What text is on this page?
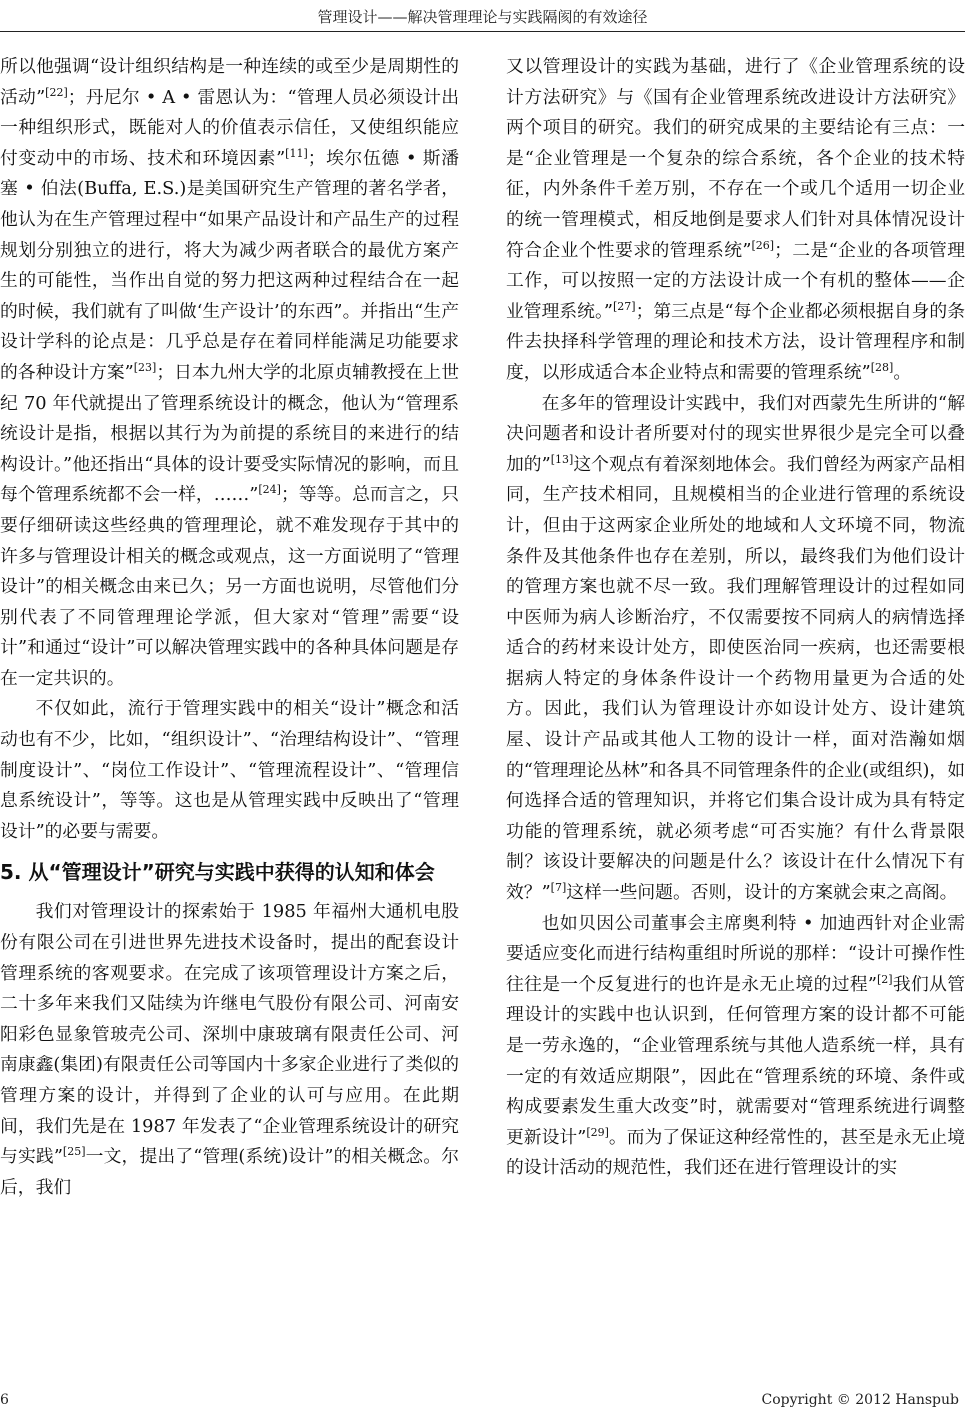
管理设计——解决管理理论与实践隔阂的有效途径

所以他强调“设计组织结构是一种连续的或至少是周期性的活动”[22]；丹尼尔 • A • 雷恩认为：“管理人员必须设计出一种组织形式，既能对人的价值表示信任，又使组织能应付变动中的市场、技术和环境因素”[11]；埃尔伍德 • 斯潘塞 • 伯法(Buffa, E.S.)是美国研究生产管理的著名学者，他认为在生产管理过程中“如果产品设计和产品生产的过程规划分别独立的进行，将大为减少两者联合的最优方案产生的可能性，当作出自觉的努力把这两种过程结合在一起的时候，我们就有了叫做‘生产设计’的东西”。并指出“生产设计学科的论点是：几乎总是存在着同样能满足功能要求的各种设计方案”[23]；日本九州大学的北原贞辅教授在上世纪 70 年代就提出了管理系统设计的概念，他认为“管理系统设计是指，根据以其行为为前提的系统目的来进行的结构设计。”他还指出“具体的设计要受实际情况的影响，而且每个管理系统都不会一样，……”[24]；等等。总而言之，只要仔细研读这些经典的管理理论，就不难发现存于其中的许多与管理设计相关的概念或观点，这一方面说明了“管理设计”的相关概念由来已久；另一方面也说明，尽管他们分别代表了不同管理理论学派，但大家对“管理”需要“设计”和通过“设计”可以解决管理实践中的各种具体问题是存在一定共识的。

不仅如此，流行于管理实践中的相关“设计”概念和活动也有不少，比如，“组织设计”、“治理结构设计”、“管理制度设计”、“岗位工作设计”、“管理流程设计”、“管理信息系统设计”，等等。这也是从管理实践中反映出了“管理设计”的必要与需要。

5. 从“管理设计”研究与实践中获得的认知和体会

我们对管理设计的探索始于 1985 年福州大通机电股份有限公司在引进世界先进技术设备时，提出的配套设计管理系统的客观要求。在完成了该项管理设计方案之后，二十多年来我们又陆续为许继电气股份有限公司、河南安阳彩色显象管玻壳公司、深圳中康玻璃有限责任公司、河南康鑫(集团)有限责任公司等国内十多家企业进行了类似的管理方案的设计，并得到了企业的认可与应用。在此期间，我们先是在 1987 年发表了“企业管理系统设计的研究与实践”[25]一文，提出了“管理(系统)设计”的相关概念。尔后，我们

又以管理设计的实践为基础，进行了《企业管理系统的设计方法研究》与《国有企业管理系统改进设计方法研究》两个项目的研究。我们的研究成果的主要结论有三点：一是“企业管理是一个复杂的综合系统，各个企业的技术特征，内外条件千差万别，不存在一个或几个适用一切企业的统一管理模式，相反地倒是要求人们针对具体情况设计符合企业个性要求的管理系统”[26]；二是“企业的各项管理工作，可以按照一定的方法设计成一个有机的整体——企业管理系统。”[27]；第三点是“每个企业都必须根据自身的条件去抉择科学管理的理论和技术方法，设计管理程序和制度，以形成适合本企业特点和需要的管理系统”[28]。

在多年的管理设计实践中，我们对西蒙先生所讲的“解决问题者和设计者所要对付的现实世界很少是完全可以叠加的”[13]这个观点有着深刻地体会。我们曾经为两家产品相同，生产技术相同，且规模相当的企业进行管理的系统设计，但由于这两家企业所处的地域和人文环境不同，物流条件及其他条件也存在差别，所以，最终我们为他们设计的管理方案也就不尽一致。我们理解管理设计的过程如同中医师为病人诊断治疗，不仅需要按不同病人的病情选择适合的药材来设计处方，即使医治同一疾病，也还需要根据病人特定的身体条件设计一个药物用量更为合适的处方。因此，我们认为管理设计亦如设计处方、设计建筑屋、设计产品或其他人工物的设计一样，面对浩瀚如烟的“管理理论丛林”和各具不同管理条件的企业(或组织)，如何选择合适的管理知识，并将它们集合设计成为具有特定功能的管理系统，就必须考虑“可否实施？有什么背景限制？该设计要解决的问题是什么？该设计在什么情况下有效？”[7]这样一些问题。否则，设计的方案就会束之高阁。

也如贝因公司董事会主席奥利特 • 加迪西针对企业需要适应变化而进行结构重组时所说的那样：“设计可操作性往往是一个反复进行的也许是永无止境的过程”[2]我们从管理设计的实践中也认识到，任何管理方案的设计都不可能是一劳永逸的，“企业管理系统与其他人造系统一样，具有一定的有效适应期限”，因此在“管理系统的环境、条件或构成要素发生重大改变”时，就需要对“管理系统进行调整更新设计”[29]。而为了保证这种经常性的，甚至是永无止境的设计活动的规范性，我们还在进行管理设计的实

6	Copyright © 2012 Hanspub
